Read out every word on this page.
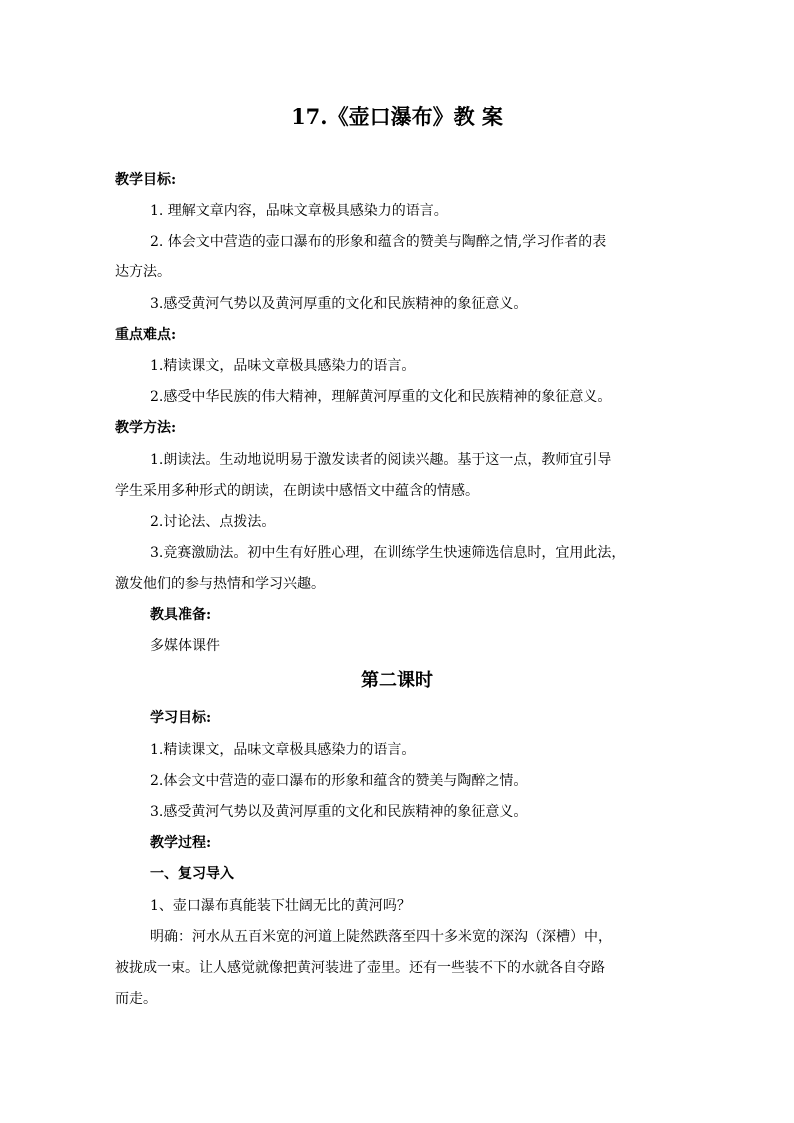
17.《壶口瀑布》教 案
教学目标:
1. 理解文章内容，品味文章极具感染力的语言。
2. 体会文中营造的壶口瀑布的形象和蕴含的赞美与陶醉之情,学习作者的表
达方法。
3.感受黄河气势以及黄河厚重的文化和民族精神的象征意义。
重点难点:
1.精读课文，品味文章极具感染力的语言。
2.感受中华民族的伟大精神，理解黄河厚重的文化和民族精神的象征意义。
教学方法:
1.朗读法。生动地说明易于激发读者的阅读兴趣。基于这一点，教师宜引导
学生采用多种形式的朗读，在朗读中感悟文中蕴含的情感。
2.讨论法、点拨法。
3.竞赛激励法。初中生有好胜心理，在训练学生快速筛选信息时，宜用此法，
激发他们的参与热情和学习兴趣。
教具准备:
多媒体课件
第二课时
学习目标:
1.精读课文，品味文章极具感染力的语言。
2.体会文中营造的壶口瀑布的形象和蕴含的赞美与陶醉之情。
3.感受黄河气势以及黄河厚重的文化和民族精神的象征意义。
教学过程:
一、复习导入
1、壶口瀑布真能装下壮阔无比的黄河吗？
明确：河水从五百米宽的河道上陡然跌落至四十多米宽的深沟（深槽）中，
被拢成一束。让人感觉就像把黄河装进了壶里。还有一些装不下的水就各自夺路
而走。
